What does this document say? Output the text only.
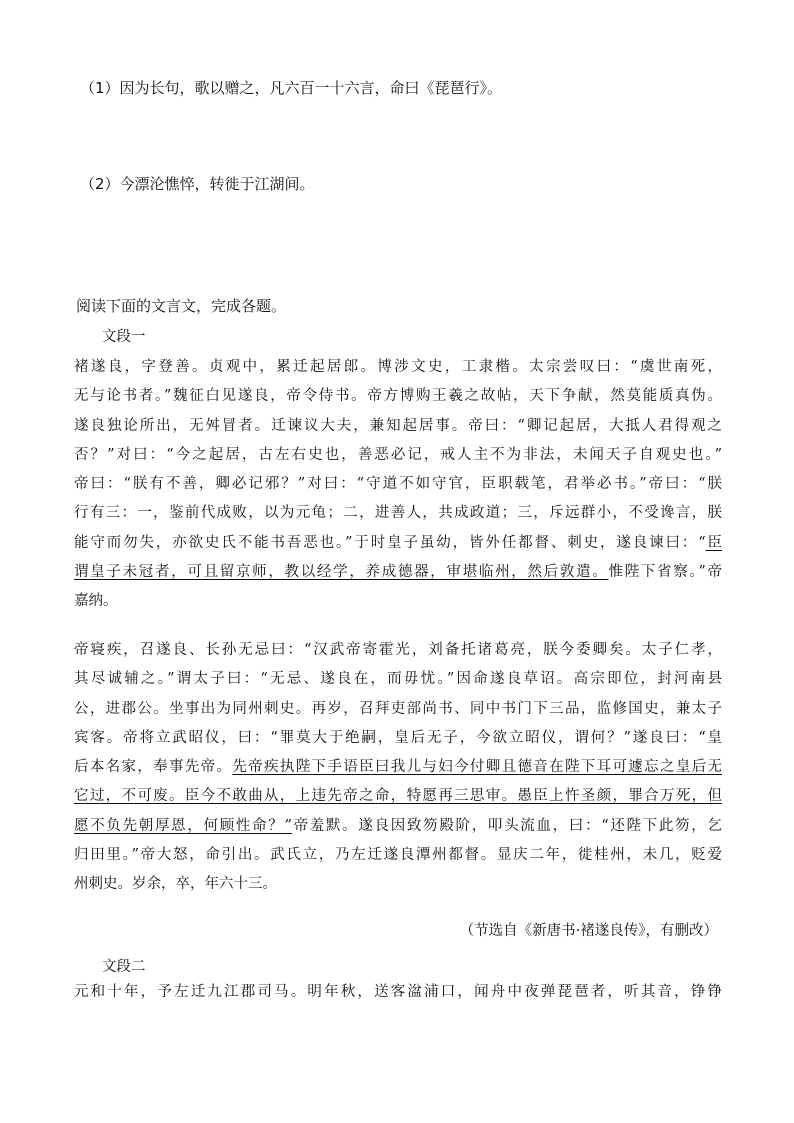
（1）因为长句，歌以赠之，凡六百一十六言，命曰《琵琶行》。
（2）今漂沦憔悴，转徙于江湖间。
阅读下面的文言文，完成各题。
文段一
褚遂良，字登善。贞观中，累迁起居郎。博涉文史，工隶楷。太宗尝叹曰：“虞世南死，
无与论书者。”魏征白见遂良，帝令侍书。帝方博购王羲之故帖，天下争献，然莫能质真伪。
遂良独论所出，无舛冒者。迁谏议大夫，兼知起居事。帝曰：“卿记起居，大抵人君得观之
否？”对曰：“今之起居，古左右史也，善恶必记，戒人主不为非法，未闻天子自观史也。”
帝曰：“朕有不善，卿必记邪？”对曰：“守道不如守官，臣职载笔，君举必书。”帝曰：“朕
行有三：一，鉴前代成败，以为元龟；二，进善人，共成政道；三，斥远群小，不受谗言，朕
能守而勿失，亦欲史氏不能书吾恶也。”于时皇子虽幼，皆外任都督、刺史，遂良谏曰：“臣
谓皇子未冠者，可且留京师，教以经学，养成德器，审堪临州，然后敦遣。惟陛下省察。”帝
嘉纳。
帝寝疾，召遂良、长孙无忌曰：“汉武帝寄霍光，刘备托诸葛亮，朕今委卿矣。太子仁孝，
其尽诚辅之。”谓太子曰：“无忌、遂良在，而毋忧。”因命遂良草诏。高宗即位，封河南县
公，进郡公。坐事出为同州刺史。再岁，召拜吏部尚书、同中书门下三品，监修国史，兼太子
宾客。帝将立武昭仪，曰：“罪莫大于绝嗣，皇后无子，今欲立昭仪，谓何？”遂良曰：“皇
后本名家，奉事先帝。先帝疾执陛下手语臣曰我儿与妇今付卿且德音在陛下耳可遽忘之皇后无
它过，不可废。臣今不敢曲从，上违先帝之命，特愿再三思审。愚臣上忤圣颜，罪合万死，但
愿不负先朝厚恩，何顾性命？”帝羞默。遂良因致笏殿阶，叩头流血，曰：“还陛下此笏，乞
归田里。”帝大怒，命引出。武氏立，乃左迁遂良潭州都督。显庆二年，徙桂州，未几，贬爱
州刺史。岁余，卒，年六十三。
（节选自《新唐书·褚遂良传》，有删改）
文段二
元和十年，予左迁九江郡司马。明年秋，送客湓浦口，闻舟中夜弹琵琶者，听其音，铮铮
